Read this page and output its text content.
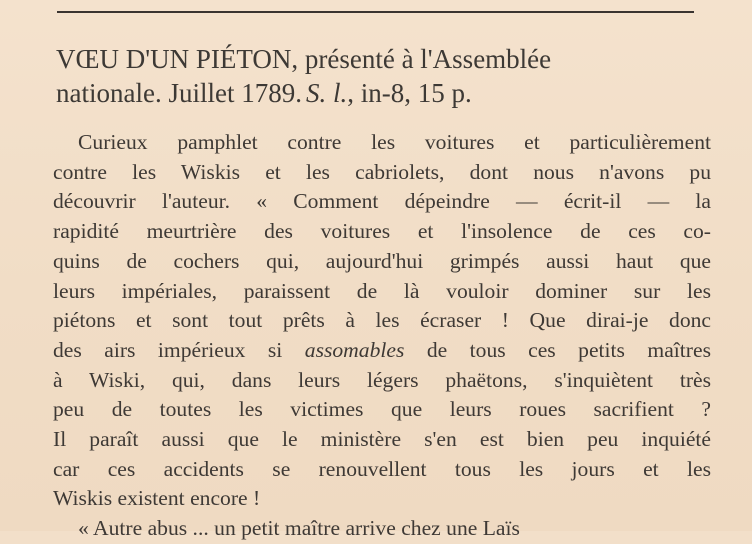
VŒU D'UN PIÉTON, présenté à l'Assemblée
nationale. Juillet 1789. S. l., in-8, 15 p.
Curieux pamphlet contre les voitures et particulièrement
contre les Wiskis et les cabriolets, dont nous n'avons pu
découvrir l'auteur. « Comment dépeindre — écrit-il — la
rapidité meurtrière des voitures et l'insolence de ces co-
quins de cochers qui, aujourd'hui grimpés aussi haut que
leurs impériales, paraissent de là vouloir dominer sur les
piétons et sont tout prêts à les écraser ! Que dirai-je donc
des airs impérieux si assomables de tous ces petits maîtres
à Wiski, qui, dans leurs légers phaëtons, s'inquiètent très
peu de toutes les victimes que leurs roues sacrifient ?
Il paraît aussi que le ministère s'en est bien peu inquiété
car ces accidents se renouvellent tous les jours et les
Wiskis existent encore !
« Autre abus ... un petit maître arrive chez une Laïs
